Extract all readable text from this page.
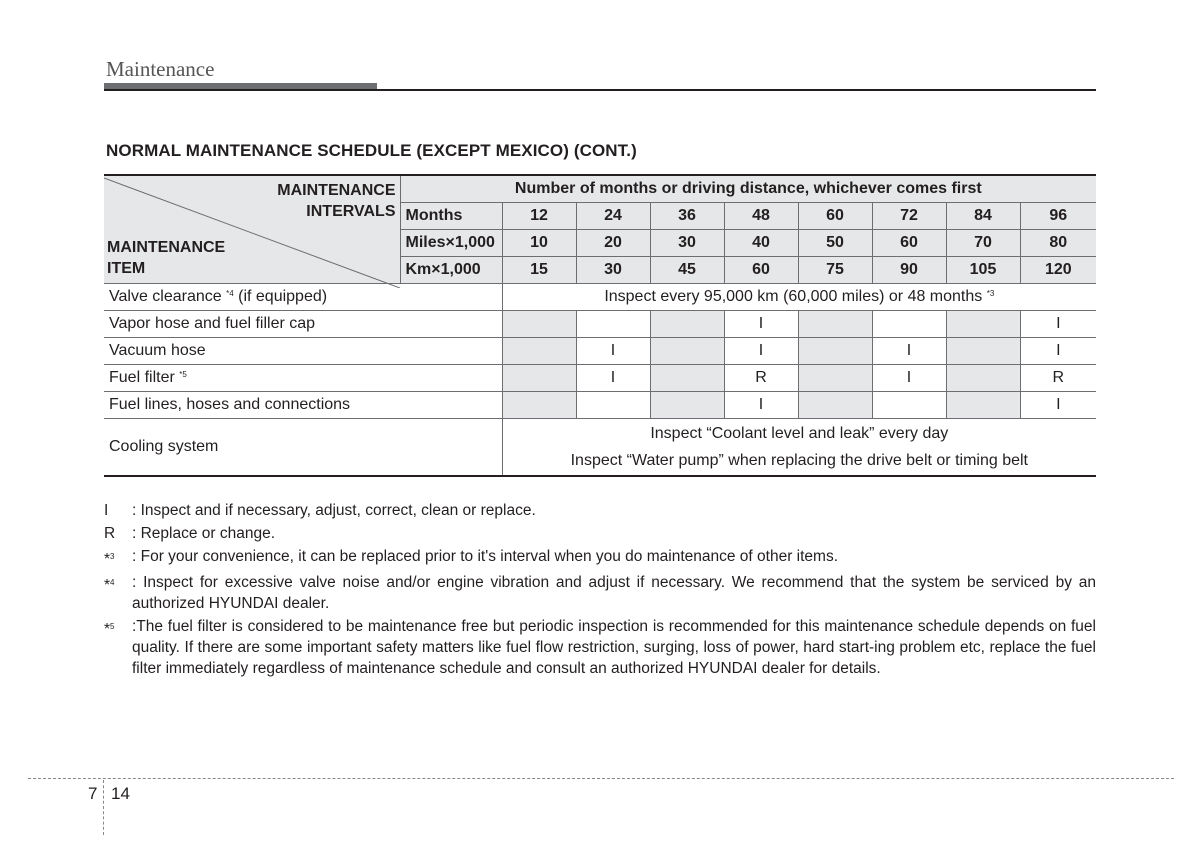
Maintenance
NORMAL MAINTENANCE SCHEDULE (EXCEPT MEXICO) (CONT.)
MAINTENANCE
INTERVALS
MAINTENANCE
ITEM	Number of months or driving distance, whichever comes first								
	Months	12	24	36	48	60	72	84	96
	Miles×1,000	10	20	30	40	50	60	70	80
	Km×1,000	15	30	45	60	75	90	105	120
Valve clearance $^{*4}$ (if equipped)		Inspect every 95,000 km (60,000 miles) or 48 months $^{*3}$
Vapor hose and fuel filler cap					I				I
Vacuum hose			I		I		I		I
Fuel filter $^{*5}$			I		R		I		R
Fuel lines, hoses and connections					I				I
Cooling system		Inspect “Coolant level and leak” every day
Inspect “Water pump” when replacing the drive belt or timing belt							
I	: Inspect and if necessary, adjust, correct, clean or replace.
R	: Replace or change.
*$^3$	: For your convenience, it can be replaced prior to it's interval when you do maintenance of other items.
*$^4$	: Inspect for excessive valve noise and/or engine vibration and adjust if necessary. We recommend that the system be serviced by an authorized HYUNDAI dealer.
*$^5$	:The fuel filter is considered to be maintenance free but periodic inspection is recommended for this maintenance schedule depends on fuel quality. If there are some important safety matters like fuel flow restriction, surging, loss of power, hard start-ing problem etc, replace the fuel filter immediately regardless of maintenance schedule and consult an authorized HYUNDAI dealer for details.
7 14
